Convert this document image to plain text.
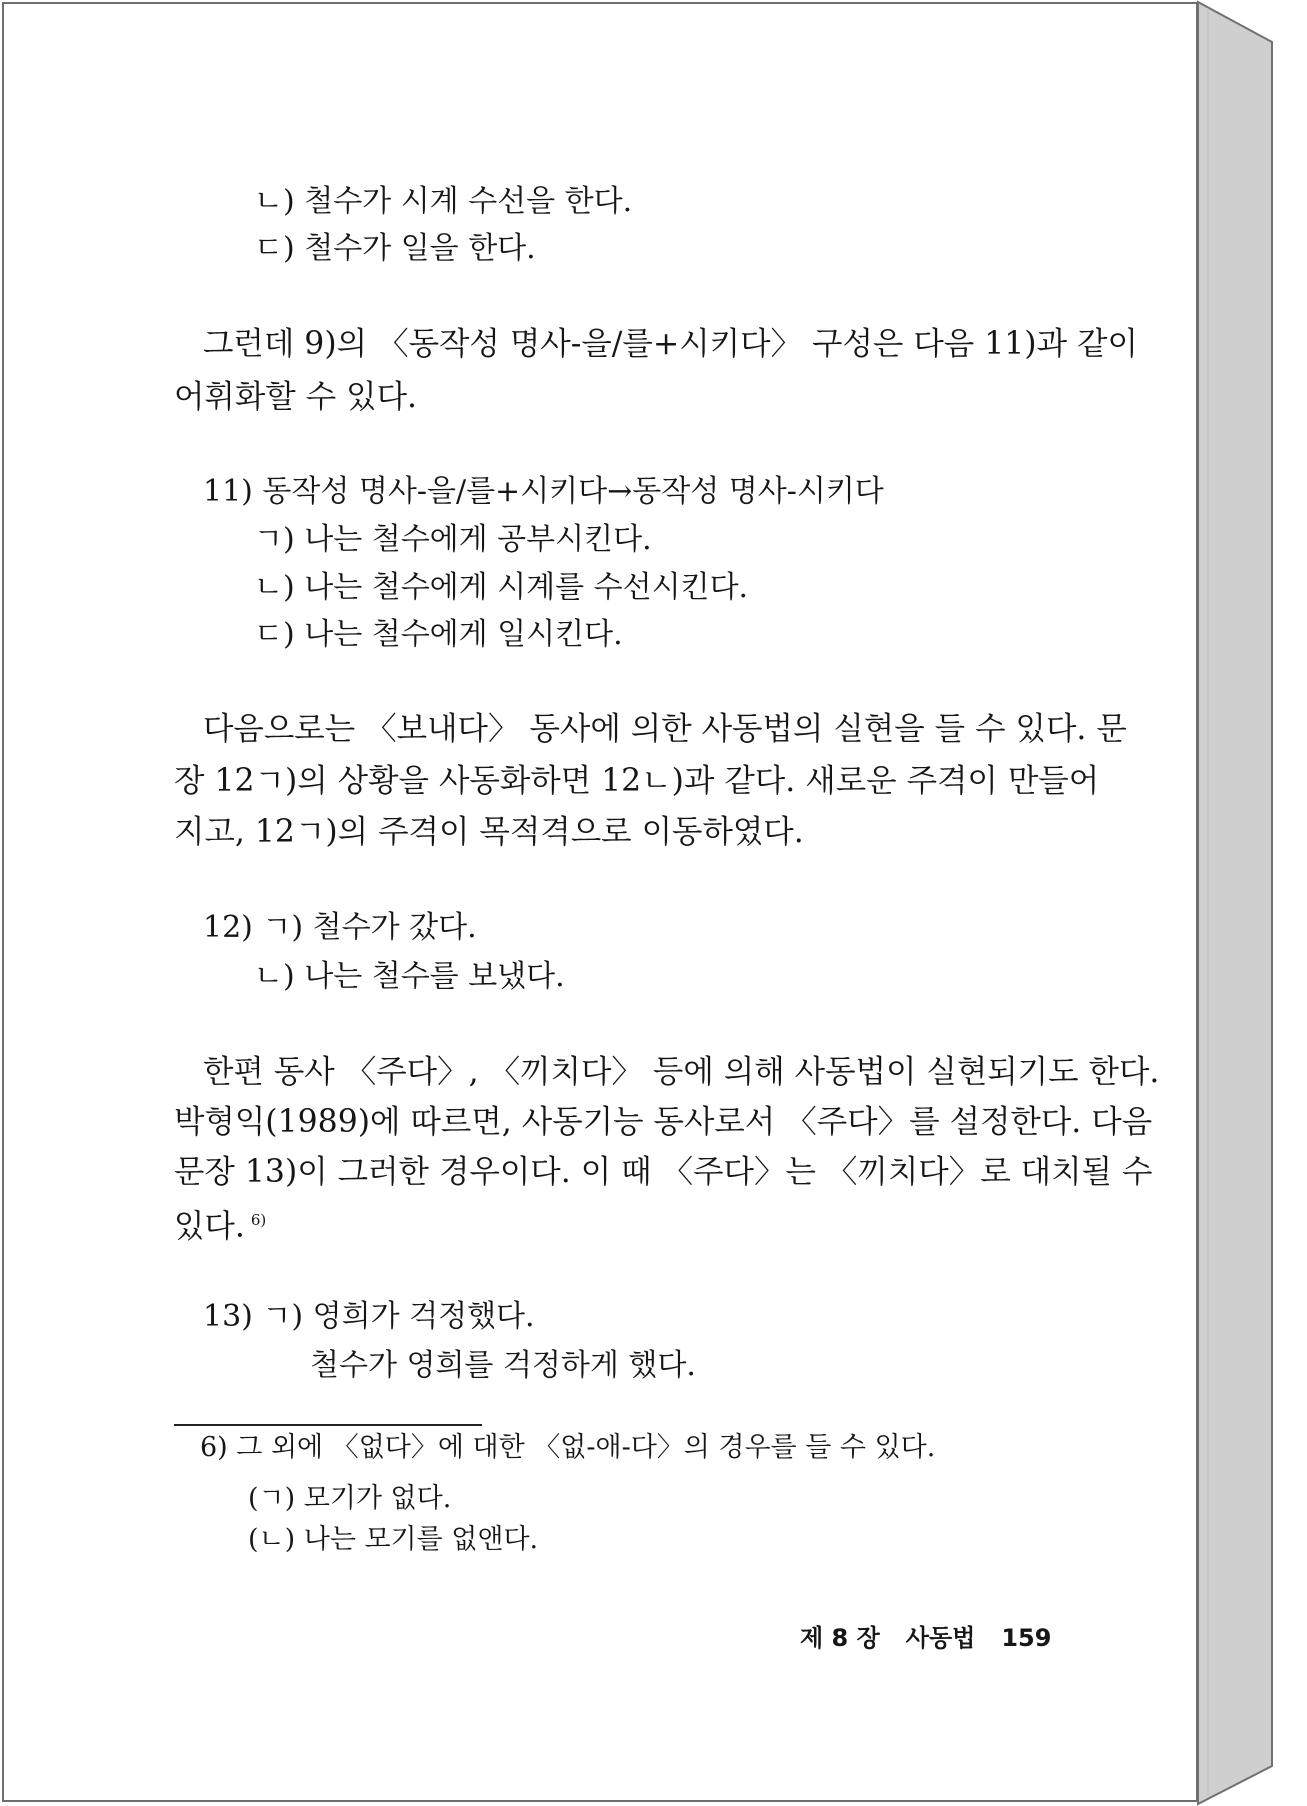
ㄴ) 철수가 시계 수선을 한다.
ㄷ) 철수가 일을 한다.
그런데 9)의 〈동작성 명사-을/를+시키다〉 구성은 다음 11)과 같이
어휘화할 수 있다.
11) 동작성 명사-을/를+시키다→동작성 명사-시키다
ㄱ) 나는 철수에게 공부시킨다.
ㄴ) 나는 철수에게 시계를 수선시킨다.
ㄷ) 나는 철수에게 일시킨다.
다음으로는 〈보내다〉 동사에 의한 사동법의 실현을 들 수 있다. 문
장 12ㄱ)의 상황을 사동화하면 12ㄴ)과 같다. 새로운 주격이 만들어
지고, 12ㄱ)의 주격이 목적격으로 이동하였다.
12) ㄱ) 철수가 갔다.
ㄴ) 나는 철수를 보냈다.
한편 동사 〈주다〉, 〈끼치다〉 등에 의해 사동법이 실현되기도 한다.
박형익(1989)에 따르면, 사동기능 동사로서 〈주다〉를 설정한다. 다음
문장 13)이 그러한 경우이다. 이 때 〈주다〉는 〈끼치다〉로 대치될 수
있다. $^{6)}$
13) ㄱ) 영희가 걱정했다.
철수가 영희를 걱정하게 했다.
6) 그 외에 〈없다〉에 대한 〈없-애-다〉의 경우를 들 수 있다.
(ㄱ) 모기가 없다.
(ㄴ) 나는 모기를 없앤다.
제 8 장 사동법 159
